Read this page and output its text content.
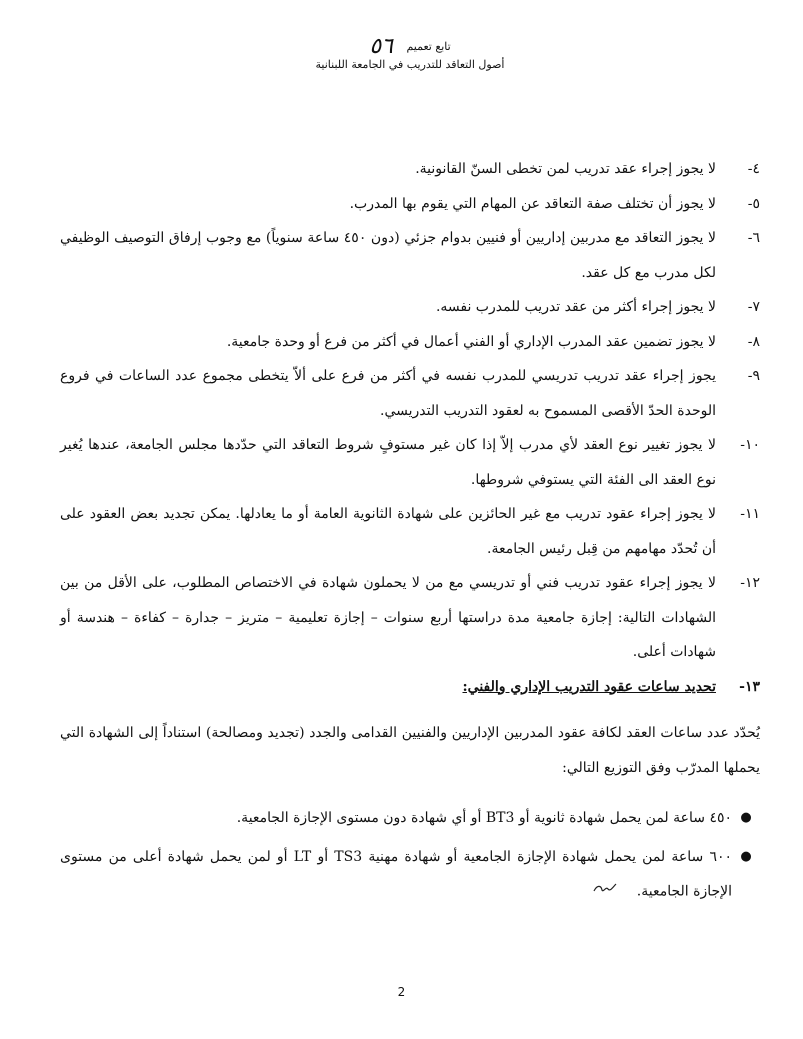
تابع تعميم ٥٦
أصول التعاقد للتدريب في الجامعة اللبنانية
٤-
لا يجوز إجراء عقد تدريب لمن تخطى السنّ القانونية.
٥-
لا يجوز أن تختلف صفة التعاقد عن المهام التي يقوم بها المدرب.
٦-
لا يجوز التعاقد مع مدربين إداريين أو فنيين بدوام جزئي (دون ٤٥٠ ساعة سنوياً) مع وجوب إرفاق التوصيف الوظيفي لكل مدرب مع كل عقد.
٧-
لا يجوز إجراء أكثر من عقد تدريب للمدرب نفسه.
٨-
لا يجوز تضمين عقد المدرب الإداري أو الفني أعمال في أكثر من فرع أو وحدة جامعية.
٩-
يجوز إجراء عقد تدريب تدريسي للمدرب نفسه في أكثر من فرع على ألاّ يتخطى مجموع عدد الساعات في فروع الوحدة الحدّ الأقصى المسموح به لعقود التدريب التدريسي.
١٠-
لا يجوز تغيير نوع العقد لأي مدرب إلاّ إذا كان غير مستوفٍ شروط التعاقد التي حدّدها مجلس الجامعة، عندها يُغير نوع العقد الى الفئة التي يستوفي شروطها.
١١-
لا يجوز إجراء عقود تدريب مع غير الحائزين على شهادة الثانوية العامة أو ما يعادلها. يمكن تجديد بعض العقود على أن تُحدّد مهامهم من قِبل رئيس الجامعة.
١٢-
لا يجوز إجراء عقود تدريب فني أو تدريسي مع من لا يحملون شهادة في الاختصاص المطلوب، على الأقل من بين الشهادات التالية: إجازة جامعية مدة دراستها أربع سنوات – إجازة تعليمية – متريز – جدارة – كفاءة – هندسة أو شهادات أعلى.
١٣-
تحديد ساعات عقود التدريب الإداري والفني:
يُحدّد عدد ساعات العقد لكافة عقود المدربين الإداريين والفنيين القدامى والجدد (تجديد ومصالحة) استناداً إلى الشهادة التي يحملها المدرّب وفق التوزيع التالي:
●
٤٥٠ ساعة لمن يحمل شهادة ثانوية أو BT3 أو أي شهادة دون مستوى الإجازة الجامعية.
●
٦٠٠ ساعة لمن يحمل شهادة الإجازة الجامعية أو شهادة مهنية TS3 أو LT أو لمن يحمل شهادة أعلى من مستوى الإجازة الجامعية.
2
